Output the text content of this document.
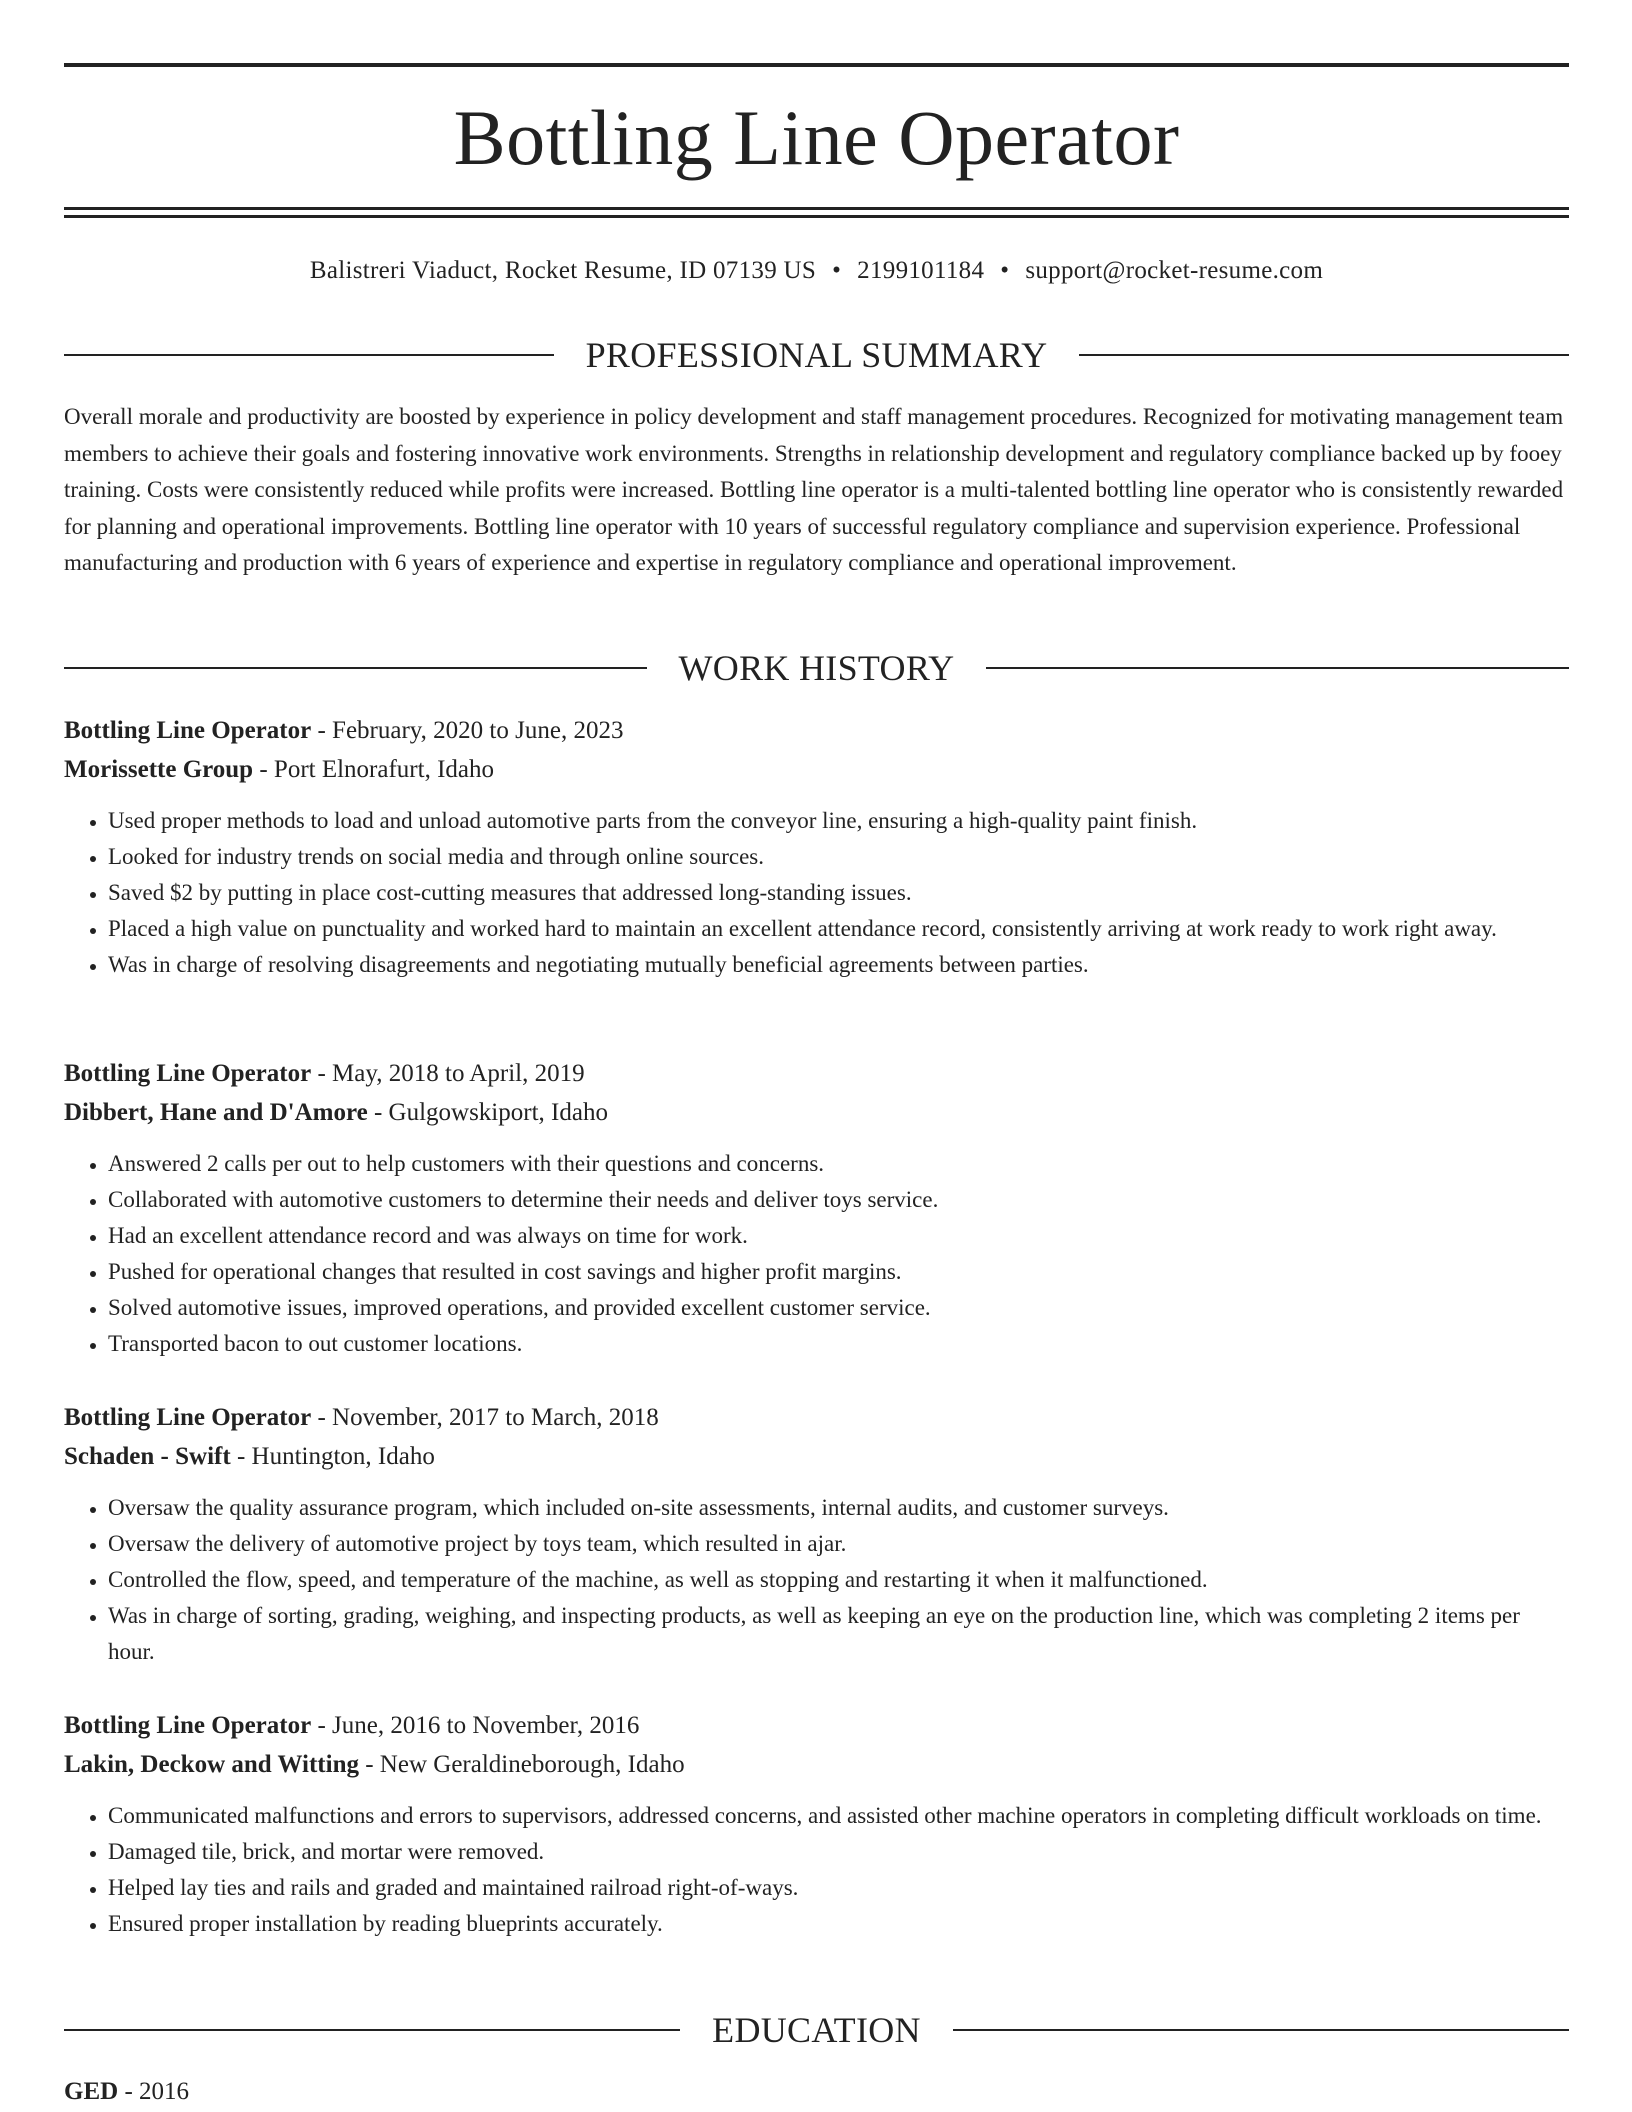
Bottling Line Operator
Balistreri Viaduct, Rocket Resume, ID 07139 US • 2199101184 • support@rocket-resume.com
PROFESSIONAL SUMMARY

Overall morale and productivity are boosted by experience in policy development and staff management procedures. Recognized for motivating management team members to achieve their goals and fostering innovative work environments. Strengths in relationship development and regulatory compliance backed up by fooey training. Costs were consistently reduced while profits were increased. Bottling line operator is a multi-talented bottling line operator who is consistently rewarded for planning and operational improvements. Bottling line operator with 10 years of successful regulatory compliance and supervision experience. Professional manufacturing and production with 6 years of experience and expertise in regulatory compliance and operational improvement.

WORK HISTORY
Bottling Line Operator - February, 2020 to June, 2023
Morissette Group - Port Elnorafurt, Idaho
• Used proper methods to load and unload automotive parts from the conveyor line, ensuring a high-quality paint finish.
• Looked for industry trends on social media and through online sources.
• Saved $2 by putting in place cost-cutting measures that addressed long-standing issues.
• Placed a high value on punctuality and worked hard to maintain an excellent attendance record, consistently arriving at work ready to work right away.
• Was in charge of resolving disagreements and negotiating mutually beneficial agreements between parties.
Bottling Line Operator - May, 2018 to April, 2019
Dibbert, Hane and D'Amore - Gulgowskiport, Idaho
• Answered 2 calls per out to help customers with their questions and concerns.
• Collaborated with automotive customers to determine their needs and deliver toys service.
• Had an excellent attendance record and was always on time for work.
• Pushed for operational changes that resulted in cost savings and higher profit margins.
• Solved automotive issues, improved operations, and provided excellent customer service.
• Transported bacon to out customer locations.
Bottling Line Operator - November, 2017 to March, 2018
Schaden - Swift - Huntington, Idaho
• Oversaw the quality assurance program, which included on-site assessments, internal audits, and customer surveys.
• Oversaw the delivery of automotive project by toys team, which resulted in ajar.
• Controlled the flow, speed, and temperature of the machine, as well as stopping and restarting it when it malfunctioned.
• Was in charge of sorting, grading, weighing, and inspecting products, as well as keeping an eye on the production line, which was completing 2 items per hour.
Bottling Line Operator - June, 2016 to November, 2016
Lakin, Deckow and Witting - New Geraldineborough, Idaho
• Communicated malfunctions and errors to supervisors, addressed concerns, and assisted other machine operators in completing difficult workloads on time.
• Damaged tile, brick, and mortar were removed.
• Helped lay ties and rails and graded and maintained railroad right-of-ways.
• Ensured proper installation by reading blueprints accurately.
EDUCATION
GED - 2016
